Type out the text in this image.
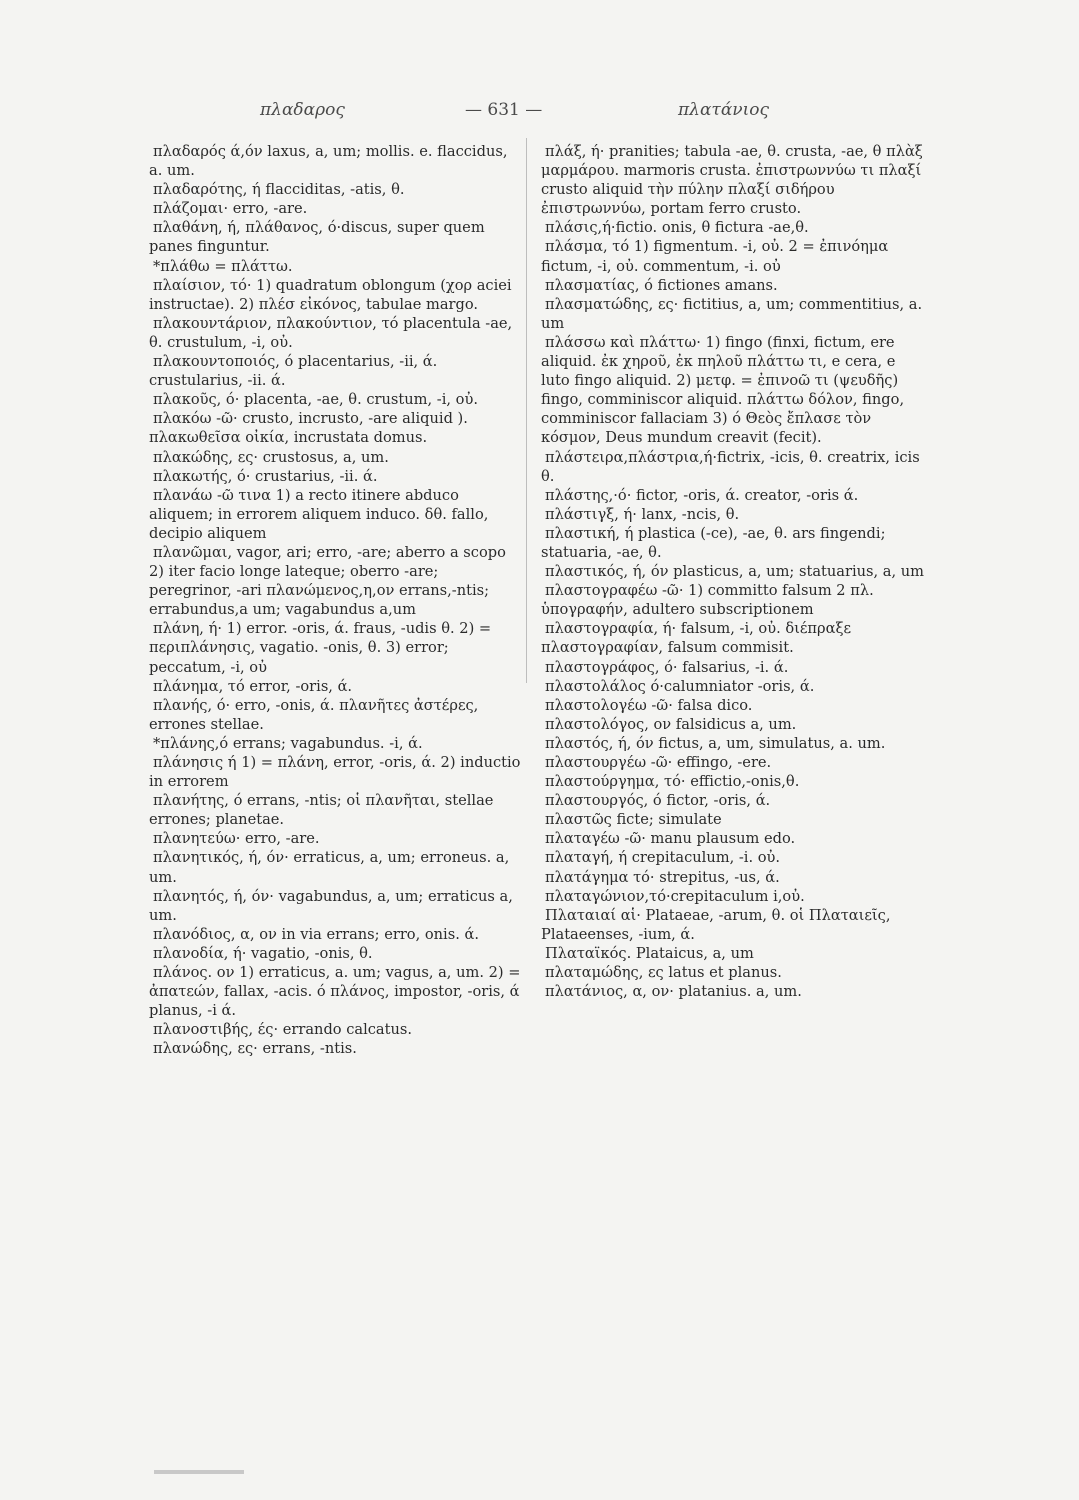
πλαδαρος	— 631 —	πλατάνιος

πλαδαρός ά,όν laxus, a, um; mollis. e. flaccidus, a. um.

πλαδαρότης, ή flacciditas, -atis, θ.

πλάζομαι· erro, -are.

πλαθάνη, ή, πλάθανος, ό·discus, super quem panes finguntur.

*πλάθω = πλάττω.

πλαίσιον, τό· 1) quadratum oblongum (χορ aciei instructae). 2) πλέσ εἰκόνος, tabulae margo.

πλακουντάριον, πλακούντιον, τό placentula -ae, θ. crustulum, -i, οὐ.

πλακουντοποιός, ό placentarius, -ii, ά. crustularius, -ii. ά.

πλακοῦς, ό· placenta, -ae, θ. crustum, -i, οὐ.

πλακόω -ῶ· crusto, incrusto, -are aliquid ). πλακωθεῖσα οἰκία, incrustata domus.

πλακώδης, ες· crustosus, a, um.

πλακωτής, ό· crustarius, -ii. ά.

πλανάω -ῶ τινα 1) a recto itinere abduco aliquem; in errorem aliquem induco. δθ. fallo, decipio aliquem

πλανῶμαι, vagor, ari; erro, -are; aberro a scopo 2) iter facio longe lateque; oberro -are; peregrinor, -ari πλανώμενος,η,ον errans,-ntis; errabundus,a um; vagabundus a,um

πλάνη, ή· 1) error. -oris, ά. fraus, -udis θ. 2) = περιπλάνησις, vagatio. -onis, θ. 3) error; peccatum, -i, οὐ

πλάνημα, τό error, -oris, ά.

πλανής, ό· erro, -onis, ά. πλανῆτες ἀστέρες, errones stellae.

*πλάνης,ό errans; vagabundus. -i, ά.

πλάνησις ή 1) = πλάνη, error, -oris, ά. 2) inductio in errorem

πλανήτης, ό errans, -ntis; οἱ πλανῆται, stellae errones; planetae.

πλανητεύω· erro, -are.

πλανητικός, ή, όν· erraticus, a, um; erroneus. a, um.

πλανητός, ή, όν· vagabundus, a, um; erraticus a, um.

πλανόδιος, α, ον in via errans; erro, onis. ά.

πλανοδία, ή· vagatio, -onis, θ.

πλάνος. ον 1) erraticus, a. um; vagus, a, um. 2) = ἀπατεών, fallax, -acis. ό πλάνος, impostor, -oris, ά planus, -i ά.

πλανοστιβής, ές· errando calcatus.

πλανώδης, ες· errans, -ntis.

πλάξ, ή· pranities; tabula -ae, θ. crusta, -ae, θ πλὰξ μαρμάρου. marmoris crusta. ἐπιστρωννύω τι πλαξί crusto aliquid τὴν πύλην πλαξί σιδήρου ἐπιστρωννύω, portam ferro crusto.

πλάσις,ή·fictio. onis, θ fictura -ae,θ.

πλάσμα, τό 1) figmentum. -i, οὐ. 2 = ἐπινόημα fictum, -i, οὐ. commentum, -i. οὐ

πλασματίας, ό fictiones amans.

πλασματώδης, ες· fictitius, a, um; commentitius, a. um

πλάσσω καὶ πλάττω· 1) fingo (finxi, fictum, ere aliquid. ἐκ χηροῦ, ἐκ πηλοῦ πλάττω τι, e cera, e luto fingo aliquid. 2) μετφ. = ἐπινοῶ τι (ψευδῆς) fingo, comminiscor aliquid. πλάττω δόλον, fingo, comminiscor fallaciam 3) ό Θεὸς ἔπλασε τὸν κόσμον, Deus mundum creavit (fecit).

πλάστειρα,πλάστρια,ή·fictrix, -icis, θ. creatrix, icis θ.

πλάστης,·ό· fictor, -oris, ά. creator, -oris ά.

πλάστιγξ, ή· lanx, -ncis, θ.

πλαστική, ή plastica (-ce), -ae, θ. ars fingendi; statuaria, -ae, θ.

πλαστικός, ή, όν plasticus, a, um; statuarius, a, um

πλαστογραφέω -ῶ· 1) committo falsum 2 πλ. ὑπογραφήν, adultero subscriptionem

πλαστογραφία, ή· falsum, -i, οὐ. διέπραξε πλαστογραφίαν, falsum commisit.

πλαστογράφος, ό· falsarius, -i. ά.

πλαστολάλος ό·calumniator -oris, ά.

πλαστολογέω -ῶ· falsa dico.

πλαστολόγος, ον falsidicus a, um.

πλαστός, ή, όν fictus, a, um, simulatus, a. um.

πλαστουργέω -ῶ· effingo, -ere.

πλαστούργημα, τό· effictio,-onis,θ.

πλαστουργός, ό fictor, -oris, ά.

πλαστῶς ficte; simulate

πλαταγέω -ῶ· manu plausum edo.

πλαταγή, ή crepitaculum, -i. οὐ.

πλατάγημα τό· strepitus, -us, ά.

πλαταγώνιον,τό·crepitaculum i,οὐ.

Πλαταιαί αἱ· Plataeae, -arum, θ. οἱ Πλαταιεῖς, Plataeenses, -ium, ά.

Πλαταϊκός. Plataicus, a, um

πλαταμώδης, ες latus et planus.

πλατάνιος, α, ον· platanius. a, um.
